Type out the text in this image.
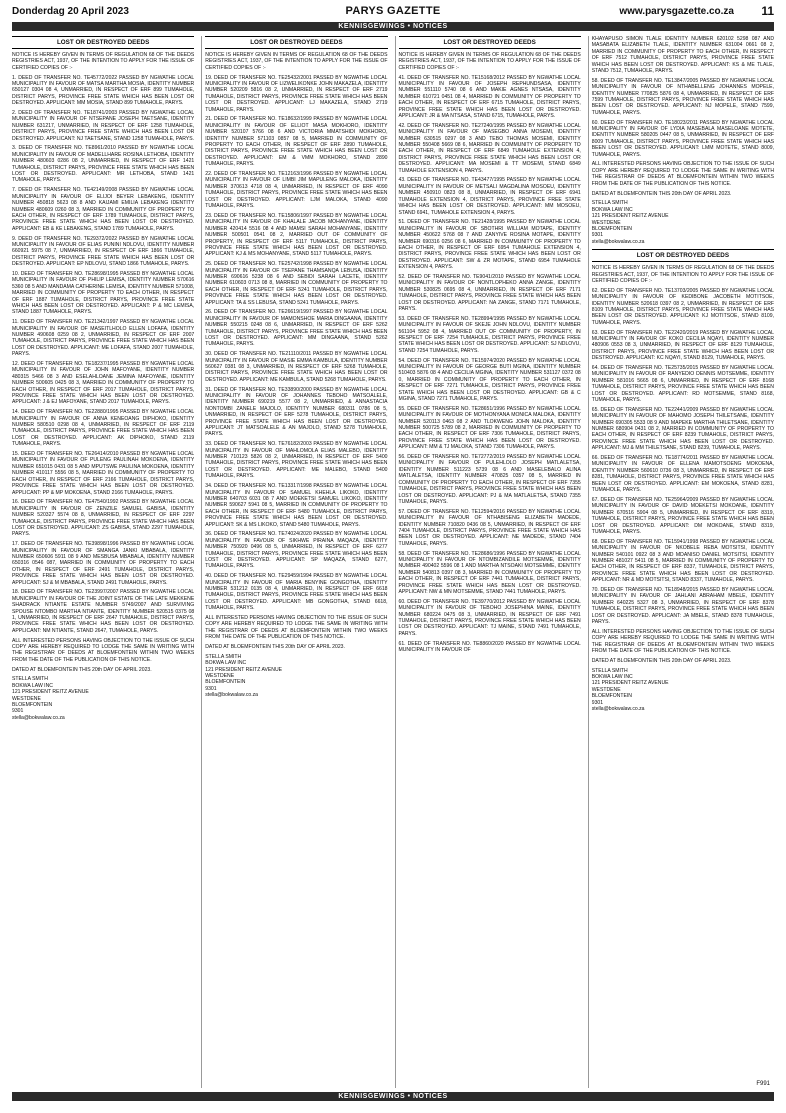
Donderdag 20 April 2023	PARYS GAZETTE	www.parysgazette.co.za 11
KENNISGEWINGS • NOTICES
LOST OR DESTROYED DEEDS

NOTICE IS HEREBY GIVEN IN TERMS OF REGULATION 68 OF THE DEEDS REGISTRIES ACT, 1937, OF THE INTENTION TO APPLY FOR THE ISSUE OF CERTIFIED COPIES OF :-

1. DEED OF TRANSFER NO. TE45772/2022 PASSED BY NGWATHE LOCAL MUNICIPALITY IN FAVOUR OF MATSA MARTHA MOSIA, IDENTITY NUMBER 650127 0304 08 4, UNMARRIED, IN RESPECT OF ERF 899 TUMAHOLE, DISTRICT PARYS, PROVINCE FREE STATE WHICH HAS BEEN LOST OR DESTROYED. APPLICANT: MM MOSIA, STAND 899 TUMAHOLE, PARYS.

2. DEED OF TRANSFER NO. TE18741/2003 PASSED BY NGWATHE LOCAL MUNICIPALITY IN FAVOUR OF NTSEPANE JOSEPH TAETSANE, IDENTITY NUMBER 631217, UNMARRIED, IN RESPECT OF ERF 1258 TUMAHOLE, DISTRICT PARYS, PROVINCE FREE STATE WHICH HAS BEEN LOST OR DESTROYED. APPLICANT: NJ TAETSANE, STAND 1258 TUMAHOLE, PARYS.

3. DEED OF TRANSFER NO. TE8961/2010 PASSED BY NGWATHE LOCAL MUNICIPALITY IN FAVOUR OF MADELLHARE ROSINA LETHOBA, IDENTITY NUMBER 480603 0286 08 2, UNMARRIED, IN RESPECT OF ERF 1421 TUMAHOLE, DISTRICT PARYS, PROVINCE FREE STATE WHICH HAS BEEN LOST OR DESTROYED. APPLICANT: MR LETHOBA, STAND 1421 TUMAHOLE, PARYS.

7. DEED OF TRANSFER NO. TE42149/2008 PASSED BY NGWATHE LOCAL MUNICIPALITY IN FAVOUR OF ELIJOI BEYER LEBAKENG, IDENTITY NUMBER 450818 5623 08 8 AND KAIJAMI EMILIA LEBAKENG IDENTITY NUMBER 480609 0260 08 3, MARRIED IN COMMUNITY OF PROPERTY TO EACH OTHER, IN RESPECT OF ERF 1789 TUMAHOLE, DISTRICT PARYS, PROVINCE FREE STATE WHICH HAS BEEN LOST OR DESTROYED. APPLICANT: EB & KE LEBAKENG, STAND 1789 TUMAHOLE, PARYS.

9. DEED OF TRANSFER NO. TE29372/2022 PASSED BY NGWATHE LOCAL MUNICIPALITY IN FAVOUR OF ELIAS PUNINI NDLOVU, IDENTITY NUMBER 660921 5975 08 7, UNMARRIED, IN RESPECT OF ERF 1866 TUMAHOLE, DISTRICT PARYS, PROVINCE FREE STATE WHICH HAS BEEN LOST OR DESTROYED. APPLICANT: EP NDLOVU, STAND 1866 TUMAHOLE, PARYS.

10. DEED OF TRANSFER NO. TE28698/1995 PASSED BY NGWATHE LOCAL MUNICIPALITY IN FAVOUR OF PHILIP LEMISA, IDENTITY NUMBER 570616 5360 08 5 AND MANDAMA CATHERINE LEMISA, IDENTITY NUMBER 571008, MARRIED IN COMMUNITY OF PROPERTY TO EACH OTHER, IN RESPECT OF ERF 1887 TUMAHOLE, DISTRICT PARYS, PROVINCE FREE STATE WHICH HAS BEEN LOST OR DESTROYED. APPLICANT: P & MC LEMISA, STAND 1887 TUMAHOLE, PARYS.

11. DEED OF TRANSFER NO. TE21342/1997 PASSED BY NGWATHE LOCAL MUNICIPALITY IN FAVOUR OF MASEITLHOLO ELLEN LOFAFA, IDENTITY NUMBER 490608 0259 08 2, UNMARRIED, IN RESPECT OF ERF 2007 TUMAHOLE, DISTRICT PARYS, PROVINCE FREE STATE WHICH HAS BEEN LOST OR DESTROYED. APPLICANT: ME LOFAFA, STAND 2007 TUMAHOLE, PARYS.

12. DEED OF TRANSFER NO. TE18237/1995 PASSED BY NGWATHE LOCAL MUNICIPALITY IN FAVOUR OF JOHN MAFOYANE, IDENTITY NUMBER 480315 5466 08 3 AND ESELAHLOANE JEMINA MAFOYANE, IDENTITY NUMBER 500605 0425 08 3, MARRIED IN COMMUNITY OF PROPERTY TO EACH OTHER, IN RESPECT OF ERF 2017 TUMAHOLE, DISTRICT PARYS, PROVINCE FREE STATE WHICH HAS BEEN LOST OR DESTROYED. APPLICANT: J & EJ MAFOYANE, STAND 2017 TUMAHOLE, PARYS.

14. DEED OF TRANSFER NO. TE22880/1995 PASSED BY NGWATHE LOCAL MUNICIPALITY IN FAVOUR OF ANNA KENEOANG DIPHOKO, IDENTITY NUMBER 580510 0298 08 4, UNMARRIED, IN RESPECT OF ERF 2119 TUMAHOLE, DISTRICT PARYS, PROVINCE FREE STATE WHICH HAS BEEN LOST OR DESTROYED. APPLICANT: AK DIPHOKO, STAND 2119 TUMAHOLE, PARYS.

15. DEED OF TRANSFER NO. TE26414/2010 PASSED BY NGWATHE LOCAL MUNICIPALITY IN FAVOUR OF PULENG PAULINAH MOKOENA, IDENTITY NUMBER 651015 0431 08 5 AND MPUTSWE PAULINA MOKOENA, IDENTITY NUMBER 410117 5556 08 5, MARRIED IN COMMUNITY OF PROPERTY TO EACH OTHER, IN RESPECT OF ERF 2166 TUMAHOLE, DISTRICT PARYS, PROVINCE FREE STATE WHICH HAS BEEN LOST OR DESTROYED. APPLICANT: PP & MP MOKOENA, STAND 2166 TUMAHOLE, PARYS.

16. DEED OF TRANSFER NO. TE47540/1992 PASSED BY NGWATHE LOCAL MUNICIPALITY IN FAVOUR OF ZENZILE SAMUEL GABISA, IDENTITY NUMBER 520327 5574 08 8, UNMARRIED, IN RESPECT OF ERF 2297 TUMAHOLE, DISTRICT PARYS, PROVINCE FREE STATE WHICH HAS BEEN LOST OR DESTROYED. APPLICANT: ZS GABISA, STAND 2297 TUMAHOLE, PARYS.

17. DEED OF TRANSFER NO. TE39898/1996 PASSED BY NGWATHE LOCAL MUNICIPALITY IN FAVOUR OF SMANGA JANKI MBABALA, IDENTITY NUMBER 650606 5911 08 9 AND MESBUSA MBABALA, IDENTITY NUMBER 650316 0546 087, MARRIED IN COMMUNITY OF PROPERTY TO EACH OTHER, IN RESPECT OF ERF 2491 TUMAHOLE, DISTRICT PARYS, PROVINCE FREE STATE WHICH HAS BEEN LOST OR DESTROYED. APPLICANT: SJ & M MBABALA, STAND 2491 TUMAHOLE, PARYS.

18. DEED OF TRANSFER NO. TE23997/2007 PASSED BY NGWATHE LOCAL MUNICIPALITY IN FAVOUR OF THE JOINT ESTATE OF THE LATE MEKKENE SHADRACK NTIANTE ESTATE NUMBER 5749/2007 AND SURVIVING SPOUSE NTOMBO MARTHA NTIANTE, IDENTITY NUMBER 520515 0375 08 1, UNMARRIED, IN RESPECT OF ERF 2647 TUMAHOLE, DISTRICT PARYS, PROVINCE FREE STATE WHICH HAS BEEN LOST OR DESTROYED. APPLICANT: NM NTIANTE, STAND 2647, TUMAHOLE, PARYS.

ALL INTERESTED PERSONS HAVING OBJECTION TO THE ISSUE OF SUCH COPY ARE HEREBY REQUIRED TO LODGE THE SAME IN WRITING WITH THE REGISTRAR OF DEEDS AT BLOEMFONTEIN WITHIN TWO WEEKS FROM THE DATE OF THE PUBLICATION OF THIS NOTICE.

DATED AT BLOEMFONTEIN THIS 20th DAY OF APRIL 2023.

STELLA SMITH
BOKWA LAW INC
121 PRESIDENT REITZ AVENUE
WESTDENE
BLOEMFONTEIN
9301
stella@bokwalaw.co.za

LOST OR DESTROYED DEEDS

NOTICE IS HEREBY GIVEN IN TERMS OF REGULATION 68 OF THE DEEDS REGISTRIES ACT, 1937, OF THE INTENTION TO APPLY FOR THE ISSUE OF CERTIFIED COPIES OF :-

19. DEED OF TRANSFER NO. TE25432/2001 PASSED BY NGWATHE LOCAL MUNICIPALITY IN FAVOUR OF LIZWELIKONKE JOHN MAKAZELA, IDENTITY NUMBER 520209 5816 08 2, UNMARRIED, IN RESPECT OF ERF 2719 TUMAHOLE, DISTRICT PARYS, PROVINCE FREE STATE WHICH HAS BEEN LOST OR DESTROYED. APPLICANT: LJ MAKAZELA, STAND 2719 TUMAHOLE, PARYS.

21. DEED OF TRANSFER NO. TE18632/1999 PASSED BY NGWATHE LOCAL MUNICIPALITY IN FAVOUR OF ELLIOT MASA MOKHORO, IDENTITY NUMBER 520107 5766 08 6 AND VICTORIA MMATSHIDI MOKHORO, IDENTITY NUMBER 571103 0857 08 5, MARRIED IN COMMUNITY OF PROPERTY TO EACH OTHER, IN RESPECT OF ERF 2890 TUMAHOLE, DISTRICT PARYS, PROVINCE FREE STATE WHICH HAS BEEN LOST OR DESTROYED. APPLICANT: EM & VMM MOKHORO, STAND 2890 TUMAHOLE, PARYS.

22. DEED OF TRANSFER NO. TE12163/1996 PASSED BY NGWATHE LOCAL MUNICIPALITY IN FAVOUR OF LIMBI JIM MAPULENG MALOKA, IDENTITY NUMBER 370613 4718 08 4, UNMARRIED, IN RESPECT OF ERF 4090 TUMAHOLE, DISTRICT PARYS, PROVINCE FREE STATE WHICH HAS BEEN LOST OR DESTROYED. APPLICANT: LJM MALOKA, STAND 4090 TUMAHOLE, PARYS.

23. DEED OF TRANSFER NO. TE15806/1997 PASSED BY NGWATHE LOCAL MUNICIPALITY IN FAVOUR OF KHALALE JACOB MOHANYANE, IDENTITY NUMBER 420414 5516 08 4 AND MAMSI SARAH MOHANYANE, IDENTITY NUMBER 500501 0541 08 2, MARRIED OUT OF COMMUNITY OF PROPERTY, IN RESPECT OF ERF 5117 TUMAHOLE, DISTRICT PARYS, PROVINCE FREE STATE WHICH HAS BEEN LOST OR DESTROYED. APPLICANT: KJ & MS MOHANYANE, STAND 5117 TUMAHOLE, PARYS.

25. DEED OF TRANSFER NO. TE25742/1998 PASSED BY NGWATHE LOCAL MUNICIPALITY IN FAVOUR OF TSEPANE THAMSANQA LEBUSA, IDENTITY NUMBER 690616 5238 08 6 AND SEBIDI SARAH LACETE, IDENTITY NUMBER 610603 0713 08 8, MARRIED IN COMMUNITY OF PROPERTY TO EACH OTHER, IN RESPECT OF ERF 5241 TUMAHOLE, DISTRICT PARYS, PROVINCE FREE STATE WHICH HAS BEEN LOST OR DESTROYED. APPLICANT: TA & SS LEBUSA, STAND 5241 TUMAHOLE, PARYS.

26. DEED OF TRANSFER NO. TE26619/1997 PASSED BY NGWATHE LOCAL MUNICIPALITY IN FAVOUR OF MAMONSHOE MARIA DINGAANA, IDENTITY NUMBER 550215 0248 08 6, UNMARRIED, IN RESPECT OF ERF 5262 TUMAHOLE, DISTRICT PARYS, PROVINCE FREE STATE WHICH HAS BEEN LOST OR DESTROYED. APPLICANT: MM DINGAANA, STAND 5262 TUMAHOLE, PARYS.

30. DEED OF TRANSFER NO. TE21110/2011 PASSED BY NGWATHE LOCAL MUNICIPALITY IN FAVOUR OF MASIE EMMA KAMBULA, IDENTITY NUMBER 560627 0381 08 3, UNMARRIED, IN RESPECT OF ERF 5268 TUMAHOLE, DISTRICT PARYS, PROVINCE FREE STATE WHICH HAS BEEN LOST OR DESTROYED. APPLICANT: ME KAMBULA, STAND 5268 TUMAHOLE, PARYS.

31. DEED OF TRANSFER NO. TE33890/2000 PASSED BY NGWATHE LOCAL MUNICIPALITY IN FAVOUR OF JOHANNES TEBOHO MATSOALELE, IDENTITY NUMBER 690219 5577 08 2, UNMARRIED, & ANNASTACIA NONTOMBI ZANELE MAJOLO, IDENTITY NUMBER 680311 0786 08 5, UNMARRIED, IN RESPECT OF ERF 5278 TUMAHOLE, DISTRICT PARYS, PROVINCE FREE STATE WHICH HAS BEEN LOST OR DESTROYED. APPLICANT: JT MATSOALELE & AN MAJOLO, STAND 5278 TUMAHOLE, PARYS.

33. DEED OF TRANSFER NO. TE76182/2003 PASSED BY NGWATHE LOCAL MUNICIPALITY IN FAVOUR OF MAHLOMOLA ELIAS MALEBO, IDENTITY NUMBER 710123 5826 08 2, UNMARRIED, IN RESPECT OF ERF 5400 TUMAHOLE, DISTRICT PARYS, PROVINCE FREE STATE WHICH HAS BEEN LOST OR DESTROYED. APPLICANT: ME MALEBO, STAND 5400 TUMAHOLE, PARYS.

34. DEED OF TRANSFER NO. TE13317/1998 PASSED BY NGWATHE LOCAL MUNICIPALITY IN FAVOUR OF SAMUEL KHEHLA LIKOKO, IDENTITY NUMBER 640703 6031 08 7 AND MOEKETSI SAMUEL LIKOKO, IDENTITY NUMBER 590627 5941 08 5, MARRIED IN COMMUNITY OF PROPERTY TO EACH OTHER, IN RESPECT OF ERF 5480 TUMAHOLE, DISTRICT PARYS, PROVINCE FREE STATE WHICH HAS BEEN LOST OR DESTROYED. APPLICANT: SK & MS LIKOKO, STAND 5480 TUMAHOLE, PARYS.

36. DEED OF TRANSFER NO. TE74024/2020 PASSED BY NGWATHE LOCAL MUNICIPALITY IN FAVOUR OF SIKHWE PIRAINA MAQAZA, IDENTITY NUMBER 750920 0496 08 5, UNMARRIED, IN RESPECT OF ERF 6277 TUMAHOLE, DISTRICT PARYS, PROVINCE FREE STATE WHICH HAS BEEN LOST OR DESTROYED. APPLICANT: SP MAQAZA, STAND 6277, TUMAHOLE, PARYS.

40. DEED OF TRANSFER NO. TE29459/1994 PASSED BY NGWATHE LOCAL MUNICIPALITY IN FAVOUR OF MARIA BENYINE GONGOTHA, IDENTITY NUMBER 531212 0135 08 4, UNMARRIED, IN RESPECT OF ERF 6618 TUMAHOLE, DISTRICT PARYS, PROVINCE FREE STATE WHICH HAS BEEN LOST OR DESTROYED. APPLICANT: MB GONGOTHA, STAND 6618, TUMAHOLE, PARYS.

ALL INTERESTED PERSONS HAVING OBJECTION TO THE ISSUE OF SUCH COPY ARE HEREBY REQUIRED TO LODGE THE SAME IN WRITING WITH THE REGISTRAR OF DEEDS AT BLOEMFONTEIN WITHIN TWO WEEKS FROM THE DATE OF THE PUBLICATION OF THIS NOTICE.

DATED AT BLOEMFONTEIN THIS 20th DAY OF APRIL 2023.

STELLA SMITH
BOKWA LAW INC
121 PRESIDENT REITZ AVENUE
WESTDENE
BLOEMFONTEIN
9301
stella@bokwalaw.co.za

LOST OR DESTROYED DEEDS

NOTICE IS HEREBY GIVEN IN TERMS OF REGULATION 68 OF THE DEEDS REGISTRIES ACT, 1937, OF THE INTENTION TO APPLY FOR THE ISSUE OF CERTIFIED COPIES OF :-

41. DEED OF TRANSFER NO. TE15168/2012 PASSED BY NGWATHE LOCAL MUNICIPALITY IN FAVOUR OF JOSEPH REPHUNDSASA, IDENTITY NUMBER 551110 5740 08 6 AND MAKIE AGNES NTSASA, IDENTITY NUMBER 610721 0451 08 4, MARRIED IN COMMUNITY OF PROPERTY TO EACH OTHER, IN RESPECT OF ERF 6715 TUMAHOLE, DISTRICT PARYS, PROVINCE FREE STATE WHICH HAS BEEN LOST OR DESTROYED. APPLICANT: JR & MA NTSASA, STAND 6715, TUMAHOLE, PARYS.

42. DEED OF TRANSFER NO. TE27240/1995 PASSED BY NGWATHE LOCAL MUNICIPALITY IN FAVOUR OF MASEGBO ANNA MOSEMI, IDENTITY NUMBER 630515 0297 08 3 AND TEBO THOMAS MOSEMI, IDENTITY NUMBER 550408 5669 08 6, MARRIED IN COMMUNITY OF PROPERTY TO EACH OTHER, IN RESPECT OF ERF 6849 TUMAHOLE EXTENSION 4, DISTRICT PARYS, PROVINCE FREE STATE WHICH HAS BEEN LOST OR DESTROYED. APPLICANT: MA MOSEMI & TT MOSEMI, STAND 6849 TUMAHOLE EXTENSION 4, PARYS.

43. DEED OF TRANSFER NO. TE43477/1995 PASSED BY NGWATHE LOCAL MUNICIPALITY IN FAVOUR OF METSALI MAGDALINA MOSOEU, IDENTITY NUMBER 450910 0823 08 8, UNMARRIED, IN RESPECT OF ERF 6941 TUMAHOLE EXTENSION 4, DISTRICT PARYS, PROVINCE FREE STATE WHICH HAS BEEN LOST OR DESTROYED. APPLICANT: MM MOSOEU, STAND 6941, TUMAHOLE EXTENSION 4, PARYS.

51. DEED OF TRANSFER NO. TE21428/1995 PASSED BY NGWATHE LOCAL MUNICIPALITY IN FAVOUR OF SBOTHRI WILLIAM MOTAPE, IDENTITY NUMBER 450622 5768 08 7 AND ZANYIVE ROSINA MOTAPE, IDENTITY NUMBER 690316 0256 08 6, MARRIED IN COMMUNITY OF PROPERTY TO EACH OTHER, IN RESPECT OF ERF 6954 TUMAHOLE EXTENSION 4, DISTRICT PARYS, PROVINCE FREE STATE WHICH HAS BEEN LOST OR DESTROYED. APPLICANT: SW & ZR MOTAPE, STAND 6954 TUMAHOLE EXTENSION 4, PARYS.

52. DEED OF TRANSFER NO. TE9041/2010 PASSED BY NGWATHE LOCAL MUNICIPALITY IN FAVOUR OF NONTLOPHEKO ANNA ZANGE, IDENTITY NUMBER 530825 0695 08 4, UNMARRIED, IN RESPECT OF ERF 7171 TUMAHOLE, DISTRICT PARYS, PROVINCE FREE STATE WHICH HAS BEEN LOST OR DESTROYED. APPLICANT: NA ZANGE, STAND 7171 TUMAHOLE, PARYS.

53. DEED OF TRANSFER NO. TE28994/1995 PASSED BY NGWATHE LOCAL MUNICIPALITY IN FAVOUR OF SKEJE JOHN NDLOVU, IDENTITY NUMBER 561104 5952 08 4, MARRIED OUT OF COMMUNITY OF PROPERTY, IN RESPECT OF ERF 7254 TUMAHOLE, DISTRICT PARYS, PROVINCE FREE STATE WHICH HAS BEEN LOST OR DESTROYED. APPLICANT: SJ NDLOVU, STAND 7254 TUMAHOLE, PARYS.

54. DEED OF TRANSFER NO. TE15974/2020 PASSED BY NGWATHE LOCAL MUNICIPALITY IN FAVOUR OF GEORGE BUTI MGINA, IDENTITY NUMBER 510403 5876 08 4 AND CECILIA MGINA, IDENTITY NUMBER 531127 0372 08 0, MARRIED IN COMMUNITY OF PROPERTY TO EACH OTHER, IN RESPECT OF ERF 7271 TUMAHOLE, DISTRICT PARYS, PROVINCE FREE STATE WHICH HAS BEEN LOST OR DESTROYED. APPLICANT: GB & C MGINA, STAND 7271 TUMAHOLE, PARYS.

55. DEED OF TRANSFER NO. TE28651/1996 PASSED BY NGWATHE LOCAL MUNICIPALITY IN FAVOUR OF MOTHONYANA MONICA MALOKA, IDENTITY NUMBER 520113 0463 08 2 AND TLOKWENG JOHN MALOKA, IDENTITY NUMBER 500725 5789 08 2, MARRIED IN COMMUNITY OF PROPERTY TO EACH OTHER, IN RESPECT OF ERF 7306 TUMAHOLE, DISTRICT PARYS, PROVINCE FREE STATE WHICH HAS BEEN LOST OR DESTROYED. APPLICANT: MM & TJ MALOKA, STAND 7306 TUMAHOLE, PARYS.

56. DEED OF TRANSFER NO. TE72772/2019 PASSED BY NGWATHE LOCAL MUNICIPALITY IN FAVOUR OF PULEHLOLO JOSEPH MATLALETSA, IDENTITY NUMBER 511223 5739 08 6 AND MASELEBALO ALINA MATLALETSA, IDENTITY NUMBER 470825 0357 08 5, MARRIED IN COMMUNITY OF PROPERTY TO EACH OTHER, IN RESPECT OF ERF 7355 TUMAHOLE, DISTRICT PARYS, PROVINCE FREE STATE WHICH HAS BEEN LOST OR DESTROYED. APPLICANT: PJ & MA MATLALETSA, STAND 7355 TUMAHOLE, PARYS.

57. DEED OF TRANSFER NO. TE12594/2016 PASSED BY NGWATHE LOCAL MUNICIPALITY IN FAVOUR OF NTHABISENG ELIZABETH MADEDE, IDENTITY NUMBER 710820 0436 08 5, UNMARRIED, IN RESPECT OF ERF 7404 TUMAHOLE, DISTRICT PARYS, PROVINCE FREE STATE WHICH HAS BEEN LOST OR DESTROYED. APPLICANT: NE MADEDE, STAND 7404 TUMAHOLE, PARYS.

58. DEED OF TRANSFER NO. TE28686/1996 PASSED BY NGWATHE LOCAL MUNICIPALITY IN FAVOUR OF NTOMBIZANDILE MOTSEMME, IDENTITY NUMBER 490402 5596 08 1 AND MARTHA NTSOAKI MOTSEMME, IDENTITY NUMBER 540813 0397 08 3, MARRIED IN COMMUNITY OF PROPERTY TO EACH OTHER, IN RESPECT OF ERF 7441 TUMAHOLE, DISTRICT PARYS, PROVINCE FREE STATE WHICH HAS BEEN LOST OR DESTROYED. APPLICANT: NW & MN MOTSEMME, STAND 7441 TUMAHOLE, PARYS.

60. DEED OF TRANSFER NO. TE39770/2012 PASSED BY NGWATHE LOCAL MUNICIPALITY IN FAVOUR OF TEBOHO JOSEPHINA MAINE, IDENTITY NUMBER 680224 0475 08 3, UNMARRIED, IN RESPECT OF ERF 7491 TUMAHOLE, DISTRICT PARYS, PROVINCE FREE STATE WHICH HAS BEEN LOST OR DESTROYED. APPLICANT: TJ MAINE, STAND 7491 TUMAHOLE, PARYS.

61. DEED OF TRANSFER NO. TE8860/2020 PASSED BY NGWATHE LOCAL MUNICIPALITY IN FAVOUR OF

KHAYAPUSO SIMON TLALE IDENTITY NUMBER 620102 5298 087 AND MASABATA ELIZABETH TLALE, IDENTITY NUMBER 631004 0661 08 2, MARRIED IN COMMUNITY OF PROPERTY TO EACH OTHER, IN RESPECT OF ERF 7512 TUMAHOLE, DISTRICT PARYS, PROVINCE FREE STATE WHICH HAS BEEN LOST OR DESTROYED. APPLICANT: KS & ME TLALE, STAND 7512, TUMAHOLE, PARYS.

58. DEED OF TRANSFER NO. TE13847/2005 PASSED BY NGWATHE LOCAL MUNICIPALITY IN FAVOUR OF NTHABELLENG JOHANNES MOPELE, IDENTITY NUMBER 770825 5876 08 4, UNMARRIED, IN RESPECT OF ERF 7599 TUMAHOLE, DISTRICT PARYS, PROVINCE FREE STATE WHICH HAS BEEN LOST OR DESTROYED. APPLICANT: NJ MOPELE, STAND 7599, TUMAHOLE, PARYS.

60. DEED OF TRANSFER NO. TE18023/2011 PASSED BY NGWATHE LOCAL MUNICIPALITY IN FAVOUR OF LYDIA MASEBALA MASELOANE MOTETE, IDENTITY NUMBER 580205 0447 08 5, UNMARRIED, IN RESPECT OF ERF 8009 TUMAHOLE, DISTRICT PARYS, PROVINCE FREE STATE WHICH HAS BEEN LOST OR DESTROYED. APPLICANT: LMM MOTETE, STAND 8009, TUMAHOLE, PARYS.

ALL INTERESTED PERSONS HAVING OBJECTION TO THE ISSUE OF SUCH COPY ARE HEREBY REQUIRED TO LODGE THE SAME IN WRITING WITH THE REGISTRAR OF DEEDS AT BLOEMFONTEIN WITHIN TWO WEEKS FROM THE DATE OF THE PUBLICATION OF THIS NOTICE.

DATED AT BLOEMFONTEIN THIS 20th DAY OF APRIL 2023.

STELLA SMITH
BOKWA LAW INC
121 PRESIDENT REITZ AVENUE
WESTDENE
BLOEMFONTEIN
9301
stella@bokwalaw.co.za

LOST OR DESTROYED DEEDS

NOTICE IS HEREBY GIVEN IN TERMS OF REGULATION 68 OF THE DEEDS REGISTRIES ACT, 1937, OF THE INTENTION TO APPLY FOR THE ISSUE OF CERTIFIED COPIES OF :-

62. DEED OF TRANSFER NO. TE13703/2005 PASSED BY NGWATHE LOCAL MUNICIPALITY IN FAVOUR OF KEDIBONE JACOBETH MOTITSOE, IDENTITY NUMBER 520618 0397 08 2, UNMARRIED, IN RESPECT OF ERF 8109 TUMAHOLE, DISTRICT PARYS, PROVINCE FREE STATE WHICH HAS BEEN LOST OR DESTROYED. APPLICANT: KJ MOTITSOE, STAND 8109, TUMAHOLE, PARYS.

63. DEED OF TRANSFER NO. TE22420/2019 PASSED BY NGWATHE LOCAL MUNICIPALITY IN FAVOUR OF KOKO CECILIA NQAYI, IDENTITY NUMBER 480906 0553 08 3, UNMARRIED, IN RESPECT OF ERF 8129 TUMAHOLE, DISTRICT PARYS, PROVINCE FREE STATE WHICH HAS BEEN LOST OR DESTROYED. APPLICANT: KC NQAYI, STAND 8129, TUMAHOLE, PARYS.

64. DEED OF TRANSFER NO. TE25735/2015 PASSED BY NGWATHE LOCAL MUNICIPALITY IN FAVOUR OF RANYEDIO DENNIS MOTSEMME, IDENTITY NUMBER 581016 5665 08 6, UNMARRIED, IN RESPECT OF ERF 8168 TUMAHOLE, DISTRICT PARYS, PROVINCE FREE STATE WHICH HAS BEEN LOST OR DESTROYED. APPLICANT: RD MOTSEMME, STAND 8168, TUMAHOLE, PARYS.

65. DEED OF TRANSFER NO. TE22441/2009 PASSED BY NGWATHE LOCAL MUNICIPALITY IN FAVOUR OF MAHOMO JOSEPH THILETSANE, IDENTITY NUMBER 690305 5533 08 9 AND MAPEKE MARTHA THILETSANE, IDENTITY NUMBER 680904 0431 08 2, MARRIED IN COMMUNITY OF PROPERTY TO EACH OTHER, IN RESPECT OF ERF 8239 TUMAHOLE, DISTRICT PARYS, PROVINCE FREE STATE WHICH HAS BEEN LOST OR DESTROYED. APPLICANT: MJ & MM THILETSANE, STAND 8239, TUMAHOLE, PARYS.

66. DEED OF TRANSFER NO. TE18774/2011 PASSED BY NGWATHE LOCAL MUNICIPALITY IN FAVOUR OF ELLENA MAMOTSOENG MOKOENA, IDENTITY NUMBER 560610 0736 08 3, UNMARRIED, IN RESPECT OF ERF 8281, TUMAHOLE, DISTRICT PARYS, PROVINCE FREE STATE WHICH HAS BEEN LOST OR DESTROYED. APPLICANT: EM MOKOENA, STAND 8281, TUMAHOLE, PARYS.

67. DEED OF TRANSFER NO. TE25964/2009 PASSED BY NGWATHE LOCAL MUNICIPALITY IN FAVOUR OF DAVID MOEKETSI MOKOANE, IDENTITY NUMBER 670516 5904 08 5, UNMARRIED, IN RESPECT OF ERF 8319, TUMAHOLE, DISTRICT PARYS, PROVINCE FREE STATE WHICH HAS BEEN LOST OR DESTROYED. APPLICANT: DM MOKOANE, STAND 8319, TUMAHOLE, PARYS.

68. DEED OF TRANSFER NO. TE15941/1998 PASSED BY NGWATHE LOCAL MUNICIPALITY IN FAVOUR OF NKOBELE REBA MOTSITSI, IDENTITY NUMBER 540101 0922 08 3 AND MDANISO DANIEL MOTSITSI, IDENTITY NUMBER 481027 5411 08 5, MARRIED IN COMMUNITY OF PROPERTY TO EACH OTHER, IN RESPECT OF ERF 8337, TUMAHOLE, DISTRICT PARYS, PROVINCE FREE STATE WHICH HAS BEEN LOST OR DESTROYED. APPLICANT: NR & MD MOTSITSI, STAND 8337, TUMAHOLE, PARYS.

70. DEED OF TRANSFER NO. TE18948/2015 PASSED BY NGWATHE LOCAL MUNICIPALITY IN FAVOUR OF JAHLANI ABRAHAM MBELE, IDENTITY NUMBER 640225 5327 08 3, UNMARRIED, IN RESPECT OF ERF 8378 TUMAHOLE, DISTRICT PARYS, PROVINCE FREE STATE WHICH HAS BEEN LOST OR DESTROYED. APPLICANT: JA MBELE, STAND 8378 TUMAHOLE, PARYS.

ALL INTERESTED PERSONS HAVING OBJECTION TO THE ISSUE OF SUCH COPY ARE HEREBY REQUIRED TO LODGE THE SAME IN WRITING WITH THE REGISTRAR OF DEEDS AT BLOEMFONTEIN WITHIN TWO WEEKS FROM THE DATE OF THE PUBLICATION OF THIS NOTICE.

DATED AT BLOEMFONTEIN THIS 20th DAY OF APRIL 2023.

STELLA SMITH
BOKWA LAW INC
121 PRESIDENT REITZ AVENUE
WESTDENE
BLOEMFONTEIN
9301
stella@bokwalaw.co.za

F991
KENNISGEWINGS • NOTICES
